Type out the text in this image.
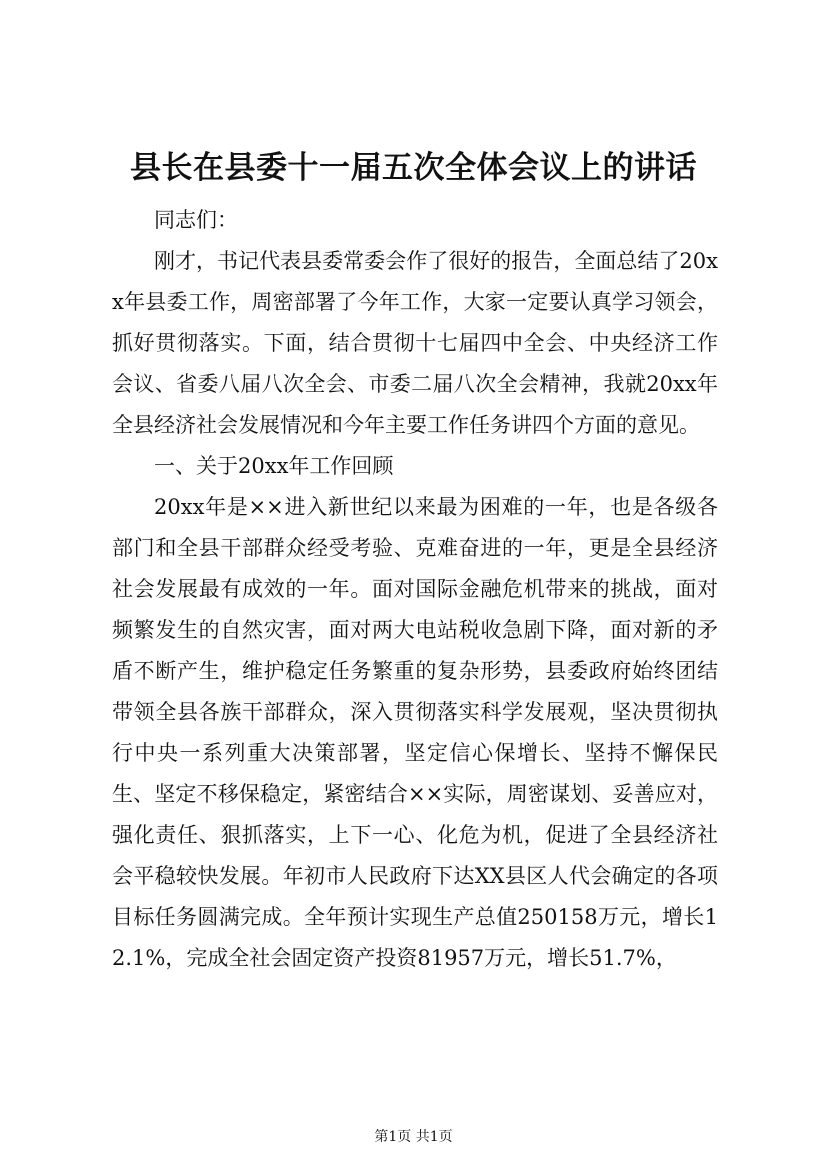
县长在县委十一届五次全体会议上的讲话

同志们：

刚才，书记代表县委常委会作了很好的报告，全面总结了20xx年县委工作，周密部署了今年工作，大家一定要认真学习领会，抓好贯彻落实。下面，结合贯彻十七届四中全会、中央经济工作会议、省委八届八次全会、市委二届八次全会精神，我就20xx年全县经济社会发展情况和今年主要工作任务讲四个方面的意见。

一、关于20xx年工作回顾

20xx年是××进入新世纪以来最为困难的一年，也是各级各部门和全县干部群众经受考验、克难奋进的一年，更是全县经济社会发展最有成效的一年。面对国际金融危机带来的挑战，面对频繁发生的自然灾害，面对两大电站税收急剧下降，面对新的矛盾不断产生，维护稳定任务繁重的复杂形势，县委政府始终团结带领全县各族干部群众，深入贯彻落实科学发展观，坚决贯彻执行中央一系列重大决策部署，坚定信心保增长、坚持不懈保民生、坚定不移保稳定，紧密结合××实际，周密谋划、妥善应对，强化责任、狠抓落实，上下一心、化危为机，促进了全县经济社会平稳较快发展。年初市人民政府下达XX县区人代会确定的各项目标任务圆满完成。全年预计实现生产总值250158万元，增长12.1%，完成全社会固定资产投资81957万元，增长51.7%，

第1页 共1页
